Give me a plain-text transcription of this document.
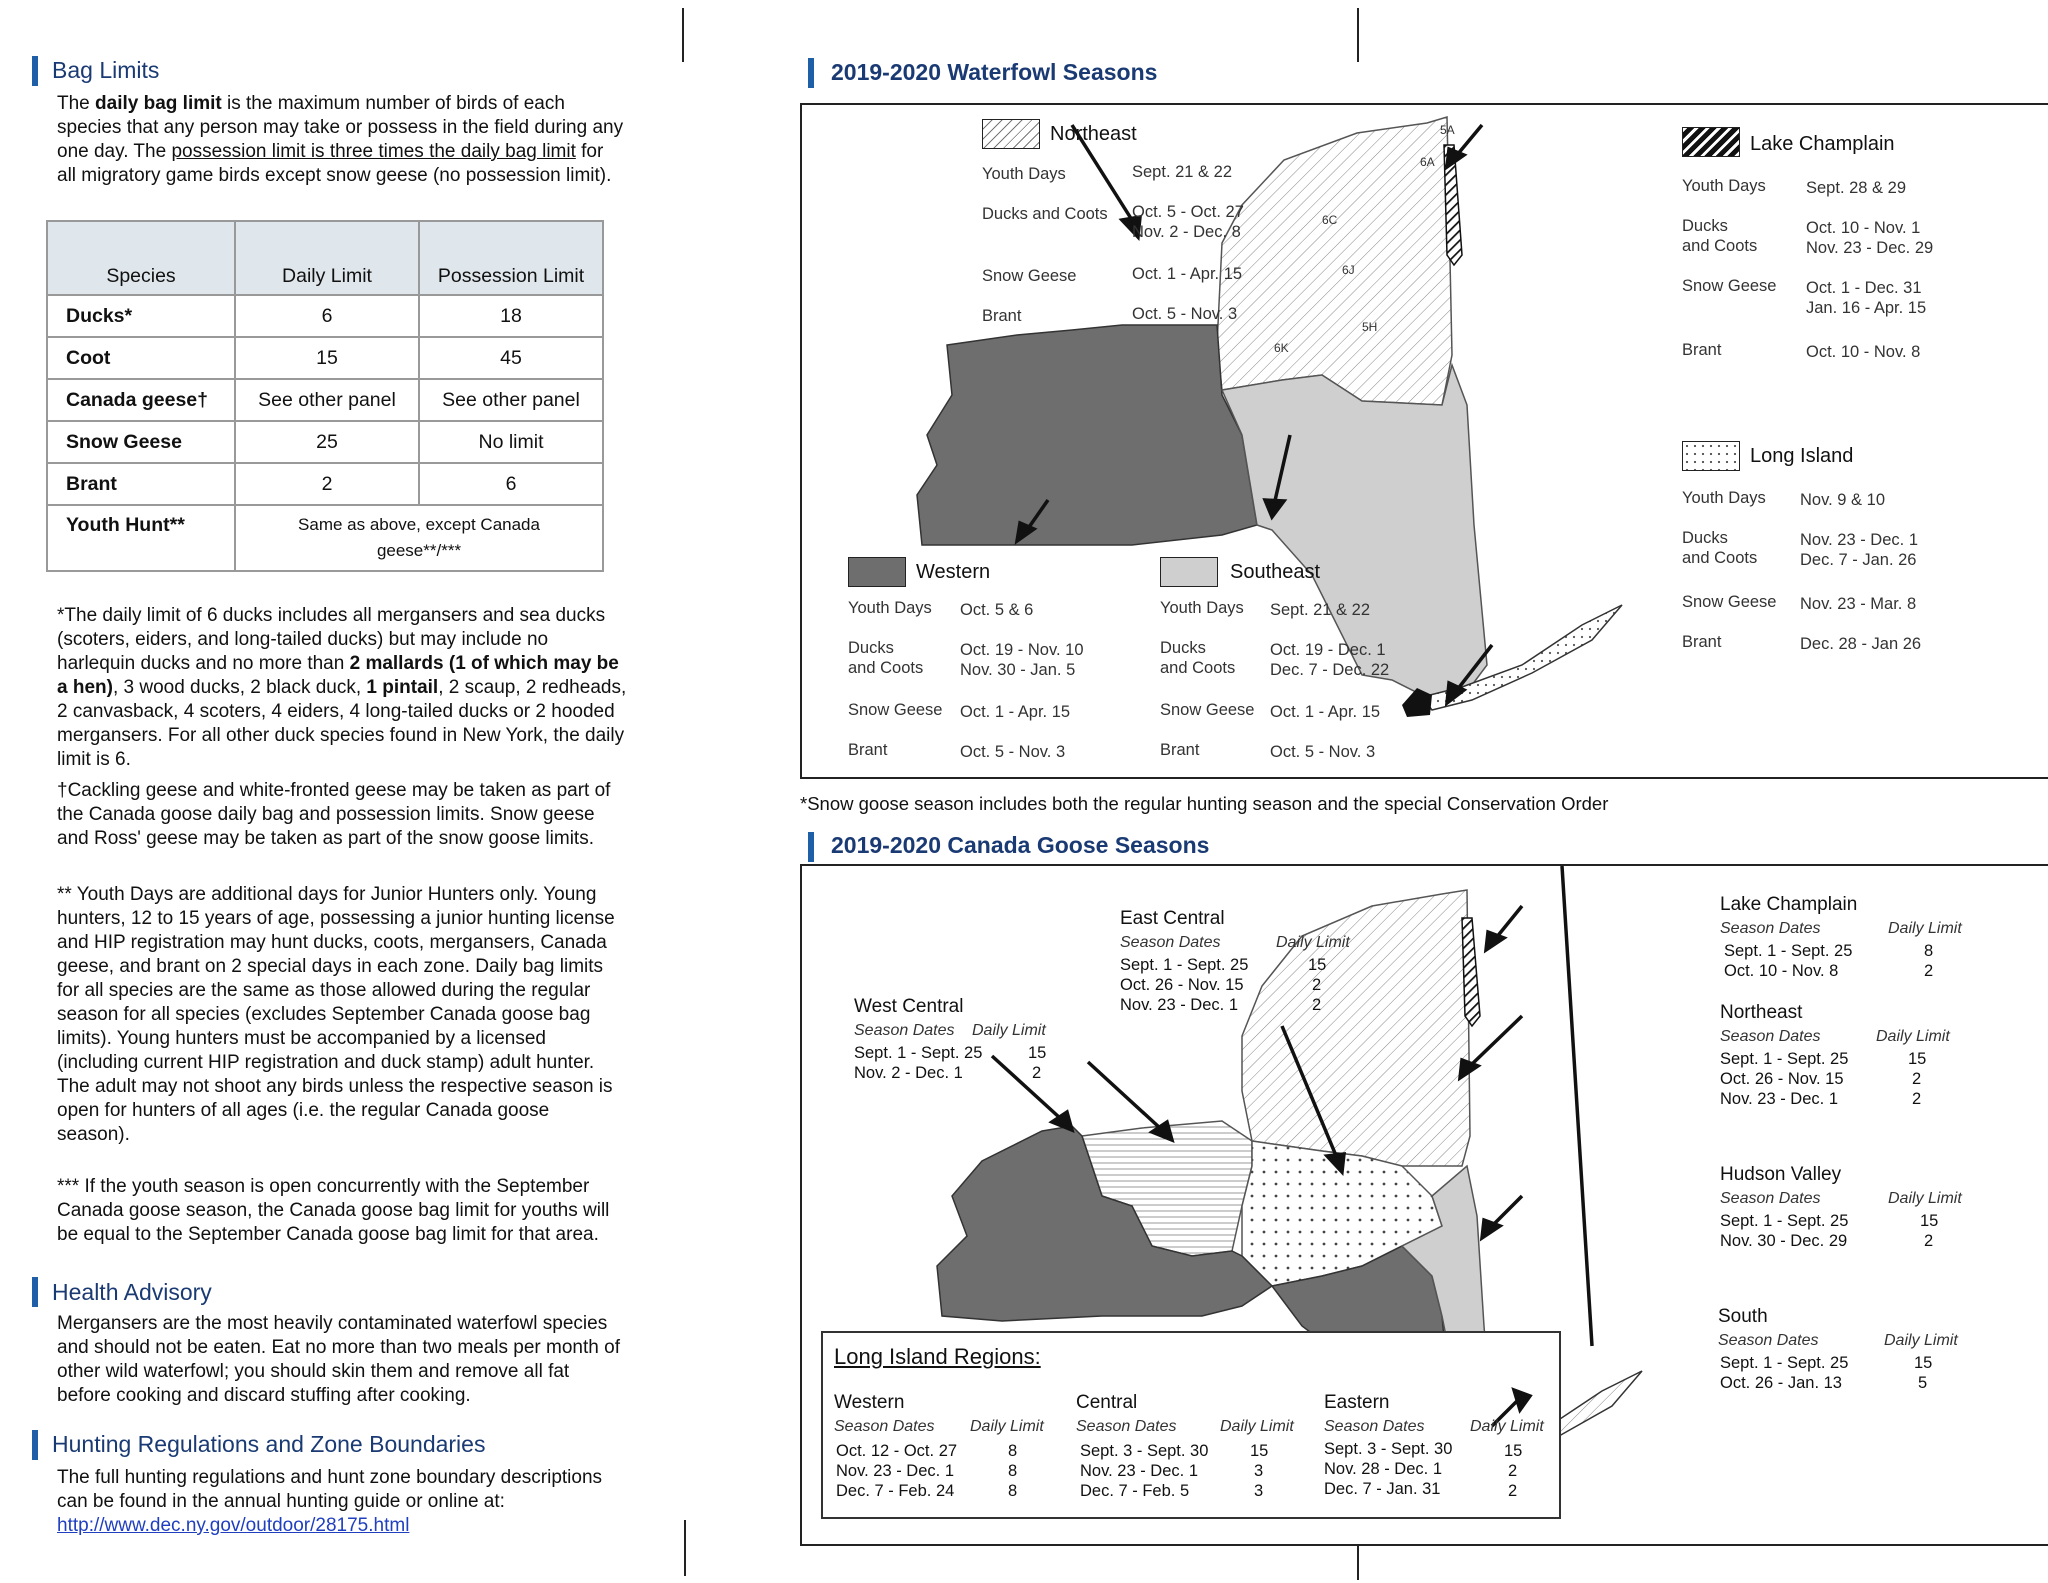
Bag Limits

The daily bag limit is the maximum number of birds of each species that any person may take or possess in the field during any one day. The possession limit is three times the daily bag limit for all migratory game birds except snow geese (no possession limit).

Species	Daily Limit	Possession Limit
Ducks*	6	18
Coot	15	45
Canada geese†	See other panel	See other panel
Snow Geese	25	No limit
Brant	2	6
Youth Hunt**	Same as above, except Canada geese**/***	

*The daily limit of 6 ducks includes all mergansers and sea ducks (scoters, eiders, and long-tailed ducks) but may include no harlequin ducks and no more than 2 mallards (1 of which may be a hen), 3 wood ducks, 2 black duck, 1 pintail, 2 scaup, 2 redheads, 2 canvasback, 4 scoters, 4 eiders, 4 long-tailed ducks or 2 hooded mergansers. For all other duck species found in New York, the daily limit is 6.

†Cackling geese and white-fronted geese may be taken as part of the Canada goose daily bag and possession limits. Snow geese and Ross' geese may be taken as part of the snow goose limits.

** Youth Days are additional days for Junior Hunters only. Young hunters, 12 to 15 years of age, possessing a junior hunting license and HIP registration may hunt ducks, coots, mergansers, Canada geese, and brant on 2 special days in each zone. Daily bag limits for all species are the same as those allowed during the regular season for all species (excludes September Canada goose bag limits). Young hunters must be accompanied by a licensed (including current HIP registration and duck stamp) adult hunter. The adult may not shoot any birds unless the respective season is open for hunters of all ages (i.e. the regular Canada goose season).

*** If the youth season is open concurrently with the September Canada goose season, the Canada goose bag limit for youths will be equal to the September Canada goose bag limit for that area.

Health Advisory

Mergansers are the most heavily contaminated waterfowl species and should not be eaten. Eat no more than two meals per month of other wild waterfowl; you should skin them and remove all fat before cooking and discard stuffing after cooking.

Hunting Regulations and Zone Boundaries

The full hunting regulations and hunt zone boundary descriptions can be found in the annual hunting guide or online at: http://www.dec.ny.gov/outdoor/28175.html

2019-2020 Waterfowl Seasons
5A
6A
6C
6J
5H
6K
Northeast
Youth Days	Sept. 21 & 22
Ducks and Coots Oct. 5 - Oct. 27
Nov. 2 - Dec. 8
Snow Geese	Oct. 1 - Apr. 15
Brant	Oct. 5 - Nov. 3
Western
Youth Days Oct. 5 & 6
Ducks
and Coots
Oct. 19 - Nov. 10
Nov. 30 - Jan. 5
Snow Geese Oct. 1 - Apr. 15
Brant	Oct. 5 - Nov. 3
Southeast
Youth Days Sept. 21 & 22
Ducks
and Coots
Oct. 19 - Dec. 1
Dec. 7 - Dec. 22
Snow Geese Oct. 1 - Apr. 15
Brant	Oct. 5 - Nov. 3
Lake Champlain
Youth Days Sept. 28 & 29
Ducks
and Coots
Oct. 10 - Nov. 1
Nov. 23 - Dec. 29
Snow Geese Oct. 1 - Dec. 31
Jan. 16 - Apr. 15
Brant	Oct. 10 - Nov. 8
Long Island
Youth Days Nov. 9 & 10
Ducks
and Coots
Nov. 23 - Dec. 1
Dec. 7 - Jan. 26
Snow Geese Nov. 23 - Mar. 8
Brant	Dec. 28 - Jan 26
*Snow goose season includes both the regular hunting season and the special Conservation Order
2019-2020 Canada Goose Seasons
East Central
Season Dates	Daily Limit
Sept. 1 - Sept. 25	15
Oct. 26 - Nov. 15	2
Nov. 23 - Dec. 1	2
West Central
Season Dates Daily Limit
Sept. 1 - Sept. 25	15
Nov. 2 - Dec. 1	2
Lake Champlain
Season Dates	Daily Limit
Sept. 1 - Sept. 25	8
Oct. 10 - Nov. 8	2
Northeast
Season Dates	Daily Limit
Sept. 1 - Sept. 25	15
Oct. 26 - Nov. 15	2
Nov. 23 - Dec. 1	2
Hudson Valley
Season Dates	Daily Limit
Sept. 1 - Sept. 25	15
Nov. 30 - Dec. 29	2
South
Season Dates	Daily Limit
Sept. 1 - Sept. 25	15
Oct. 26 - Jan. 13	5
Long Island Regions:
Western
Season Dates Daily Limit
Oct. 12 - Oct. 27	8
Nov. 23 - Dec. 1	8
Dec. 7 - Feb. 24	8
Central
Season Dates	Daily Limit
Sept. 3 - Sept. 30	15
Nov. 23 - Dec. 1	3
Dec. 7 - Feb. 5	3
Eastern
Season Dates	Daily Limit
Sept. 3 - Sept. 30	15
Nov. 28 - Dec. 1	2
Dec. 7 - Jan. 31	2
